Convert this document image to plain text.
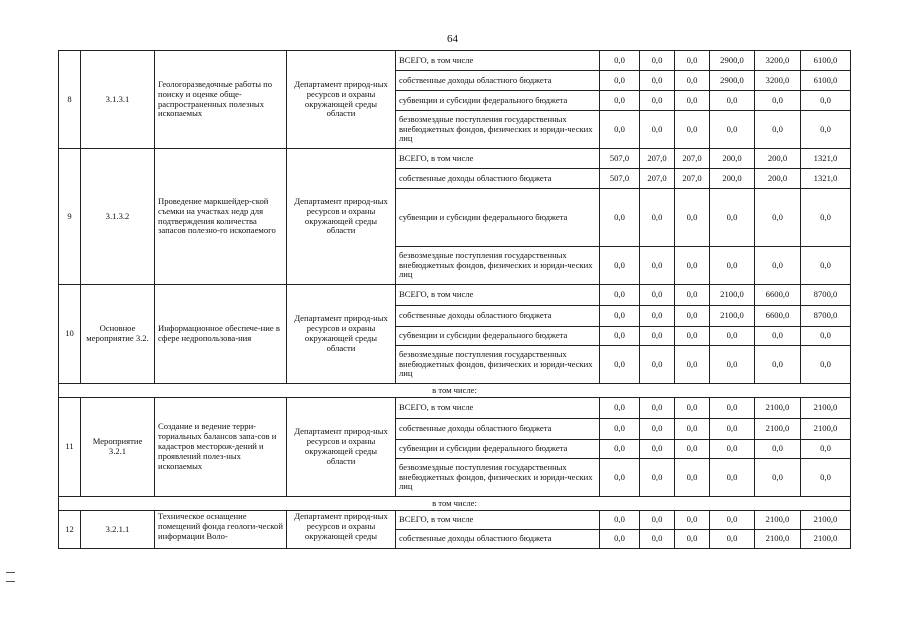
64
8	3.1.3.1	Геологоразведочные работы по поиску и оценке обще-распространенных полезных ископаемых	Департамент природ-ных ресурсов и охраны окружающей среды области	ВСЕГО, в том числе	0,0	0,0	0,0	2900,0	3200,0	6100,0
				собственные доходы областного бюджета	0,0	0,0	0,0	2900,0	3200,0	6100,0
				субвенции и субсидии федерального бюджета	0,0	0,0	0,0	0,0	0,0	0,0
				безвозмездные поступления государственных внебюджетных фондов, физических и юриди-ческих лиц	0,0	0,0	0,0	0,0	0,0	0,0
9	3.1.3.2	Проведение маркшейдер-ской съемки на участках недр для подтверждения количества запасов полезно-го ископаемого	Департамент природ-ных ресурсов и охраны окружающей среды области	ВСЕГО, в том числе	507,0	207,0	207,0	200,0	200,0	1321,0
				собственные доходы областного бюджета	507,0	207,0	207,0	200,0	200,0	1321,0
				субвенции и субсидии федерального бюджета	0,0	0,0	0,0	0,0	0,0	0,0
				безвозмездные поступления государственных внебюджетных фондов, физических и юриди-ческих лиц	0,0	0,0	0,0	0,0	0,0	0,0
10	Основное мероприятие 3.2.	Информационное обеспече-ние в сфере недропользова-ния	Департамент природ-ных ресурсов и охраны окружающей среды области	ВСЕГО, в том числе	0,0	0,0	0,0	2100,0	6600,0	8700,0
				собственные доходы областного бюджета	0,0	0,0	0,0	2100,0	6600,0	8700,0
				субвенции и субсидии федерального бюджета	0,0	0,0	0,0	0,0	0,0	0,0
				безвозмездные поступления государственных внебюджетных фондов, физических и юриди-ческих лиц	0,0	0,0	0,0	0,0	0,0	0,0
в том числе:										
11	Мероприятие 3.2.1	Создание и ведение терри-ториальных балансов запа-сов и кадастров месторож-дений и проявлений полез-ных ископаемых	Департамент природ-ных ресурсов и охраны окружающей среды области	ВСЕГО, в том числе	0,0	0,0	0,0	0,0	2100,0	2100,0
				собственные доходы областного бюджета	0,0	0,0	0,0	0,0	2100,0	2100,0
				субвенции и субсидии федерального бюджета	0,0	0,0	0,0	0,0	0,0	0,0
				безвозмездные поступления государственных внебюджетных фондов, физических и юриди-ческих лиц	0,0	0,0	0,0	0,0	0,0	0,0
в том числе:										
12	3.2.1.1	Техническое оснащение помещений фонда геологи-ческой информации Воло-	Департамент природ-ных ресурсов и охраны окружающей среды	ВСЕГО, в том числе	0,0	0,0	0,0	0,0	2100,0	2100,0
				собственные доходы областного бюджета	0,0	0,0	0,0	0,0	2100,0	2100,0
